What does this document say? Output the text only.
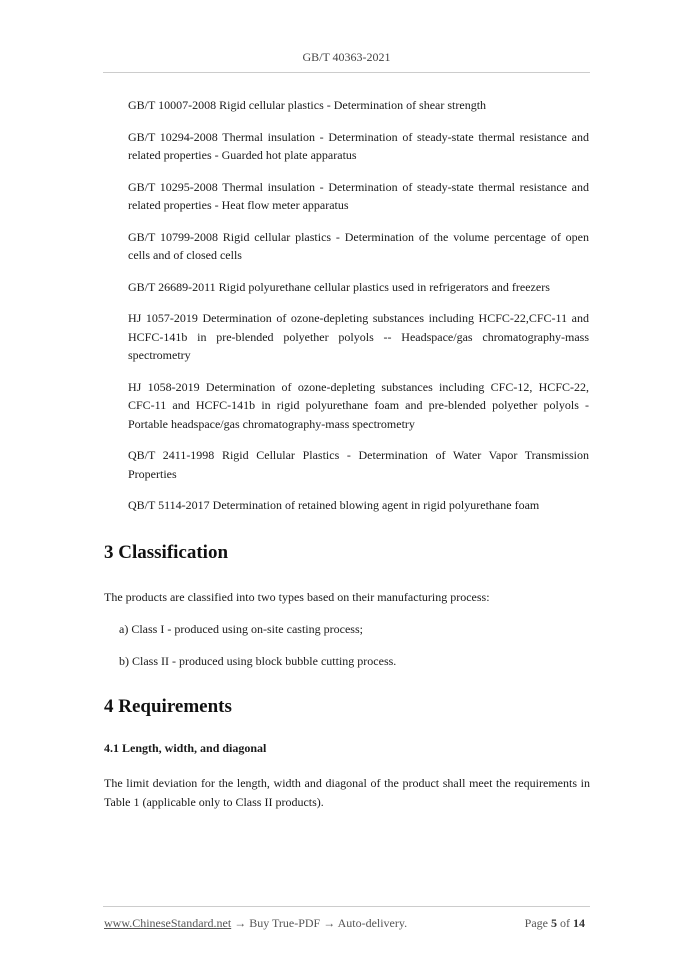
GB/T 40363-2021

GB/T 10007-2008 Rigid cellular plastics - Determination of shear strength

GB/T 10294-2008 Thermal insulation - Determination of steady-state thermal resistance and related properties - Guarded hot plate apparatus

GB/T 10295-2008 Thermal insulation - Determination of steady-state thermal resistance and related properties - Heat flow meter apparatus

GB/T 10799-2008 Rigid cellular plastics - Determination of the volume percentage of open cells and of closed cells

GB/T 26689-2011 Rigid polyurethane cellular plastics used in refrigerators and freezers

HJ 1057-2019 Determination of ozone-depleting substances including HCFC-22,CFC-11 and HCFC-141b in pre-blended polyether polyols -- Headspace/gas chromatography-mass spectrometry

HJ 1058-2019 Determination of ozone-depleting substances including CFC-12, HCFC-22, CFC-11 and HCFC-141b in rigid polyurethane foam and pre-blended polyether polyols - Portable headspace/gas chromatography-mass spectrometry

QB/T 2411-1998 Rigid Cellular Plastics - Determination of Water Vapor Transmission Properties

QB/T 5114-2017 Determination of retained blowing agent in rigid polyurethane foam

3 Classification

The products are classified into two types based on their manufacturing process:

a) Class I - produced using on-site casting process;

b) Class II - produced using block bubble cutting process.

4 Requirements
4.1 Length, width, and diagonal

The limit deviation for the length, width and diagonal of the product shall meet the requirements in Table 1 (applicable only to Class II products).

www.ChineseStandard.net → Buy True-PDF → Auto-delivery.	Page 5 of 14
